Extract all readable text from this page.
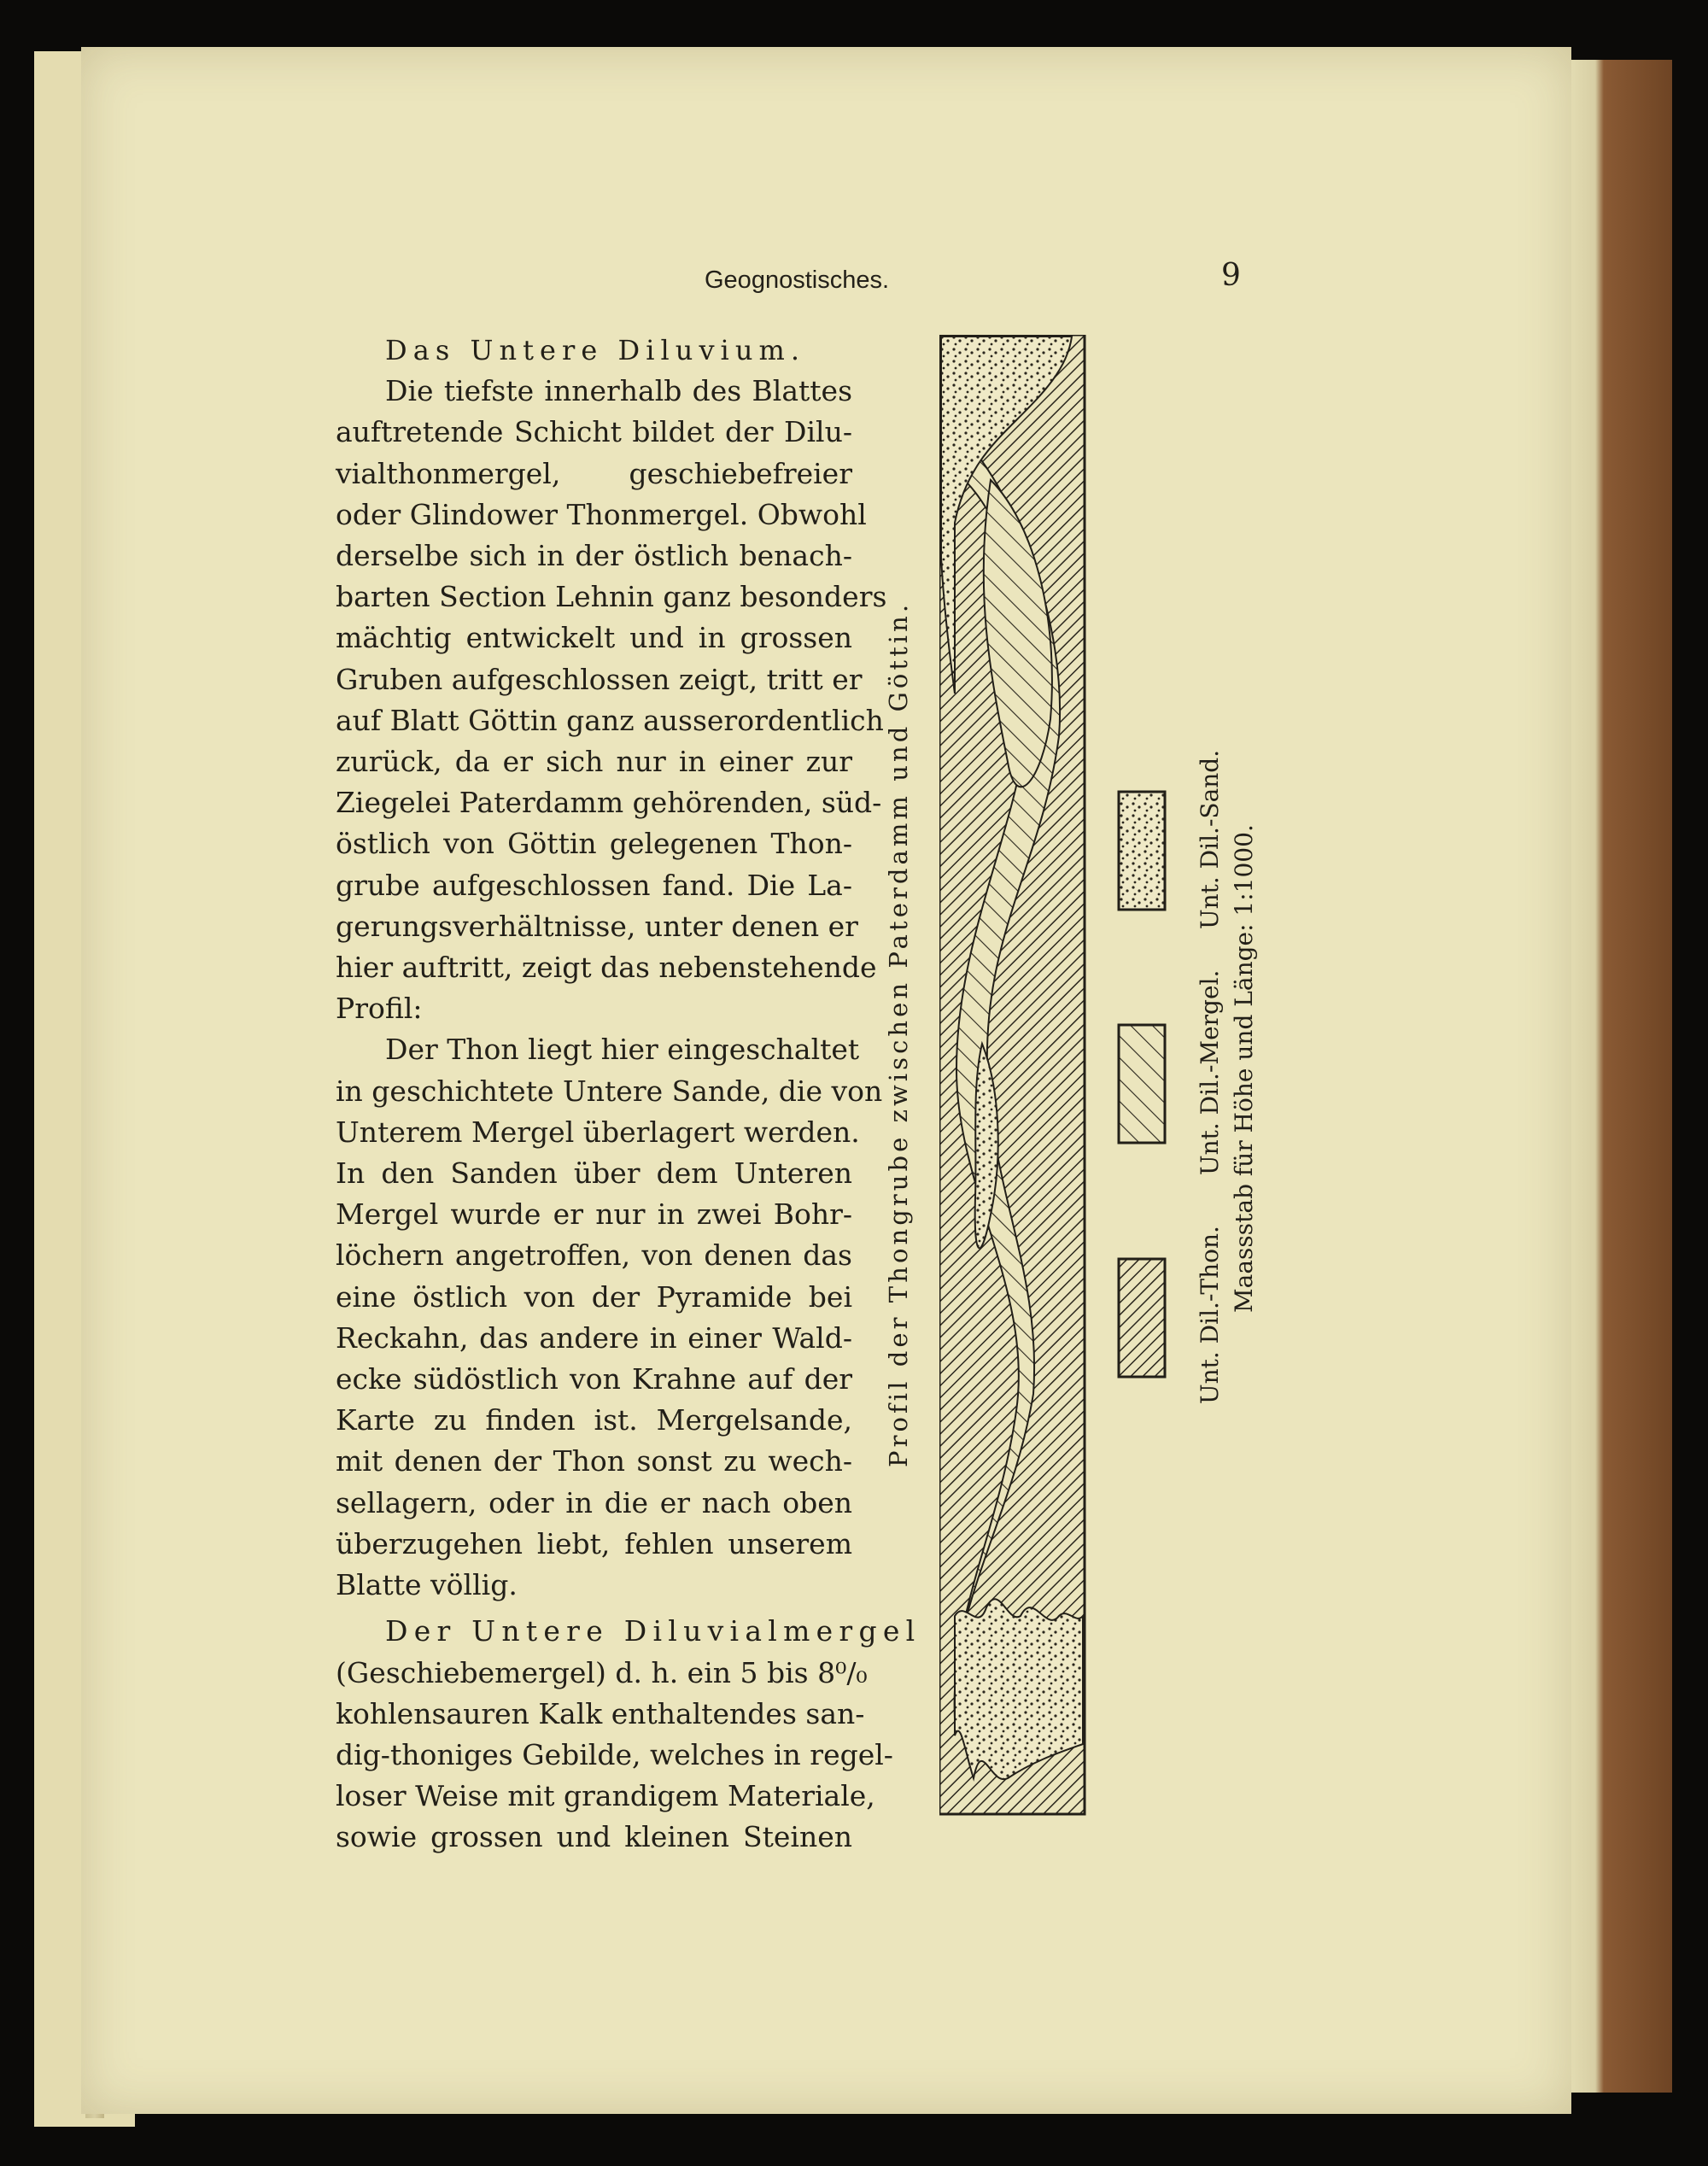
Geognostisches.	9
Das Untere Diluvium.
Die tiefste innerhalb des Blattes
auftretende Schicht bildet der Dilu-
vialthonmergel, geschiebefreier
oder Glindower Thonmergel. Obwohl
derselbe sich in der östlich benach-
barten Section Lehnin ganz besonders
mächtig entwickelt und in grossen
Gruben aufgeschlossen zeigt, tritt er
auf Blatt Göttin ganz ausserordentlich
zurück, da er sich nur in einer zur
Ziegelei Paterdamm gehörenden, süd-
östlich von Göttin gelegenen Thon-
grube aufgeschlossen fand. Die La-
gerungsverhältnisse, unter denen er
hier auftritt, zeigt das nebenstehende
Profil:
Der Thon liegt hier eingeschaltet
in geschichtete Untere Sande, die von
Unterem Mergel überlagert werden.
In den Sanden über dem Unteren
Mergel wurde er nur in zwei Bohr-
löchern angetroffen, von denen das
eine östlich von der Pyramide bei
Reckahn, das andere in einer Wald-
ecke südöstlich von Krahne auf der
Karte zu finden ist. Mergelsande,
mit denen der Thon sonst zu wech-
sellagern, oder in die er nach oben
überzugehen liebt, fehlen unserem
Blatte völlig.
Der Untere Diluvialmergel
(Geschiebemergel) d. h. ein 5 bis 8⁰/₀
kohlensauren Kalk enthaltendes san-
dig-thoniges Gebilde, welches in regel-
loser Weise mit grandigem Materiale,
sowie grossen und kleinen Steinen
Profil der Thongrube zwischen Paterdamm und Göttin.	Unt. Dil.-Thon.
Unt. Dil.-Mergel.
Unt. Dil.-Sand. Maassstab für Höhe und Länge: 1:1000.
